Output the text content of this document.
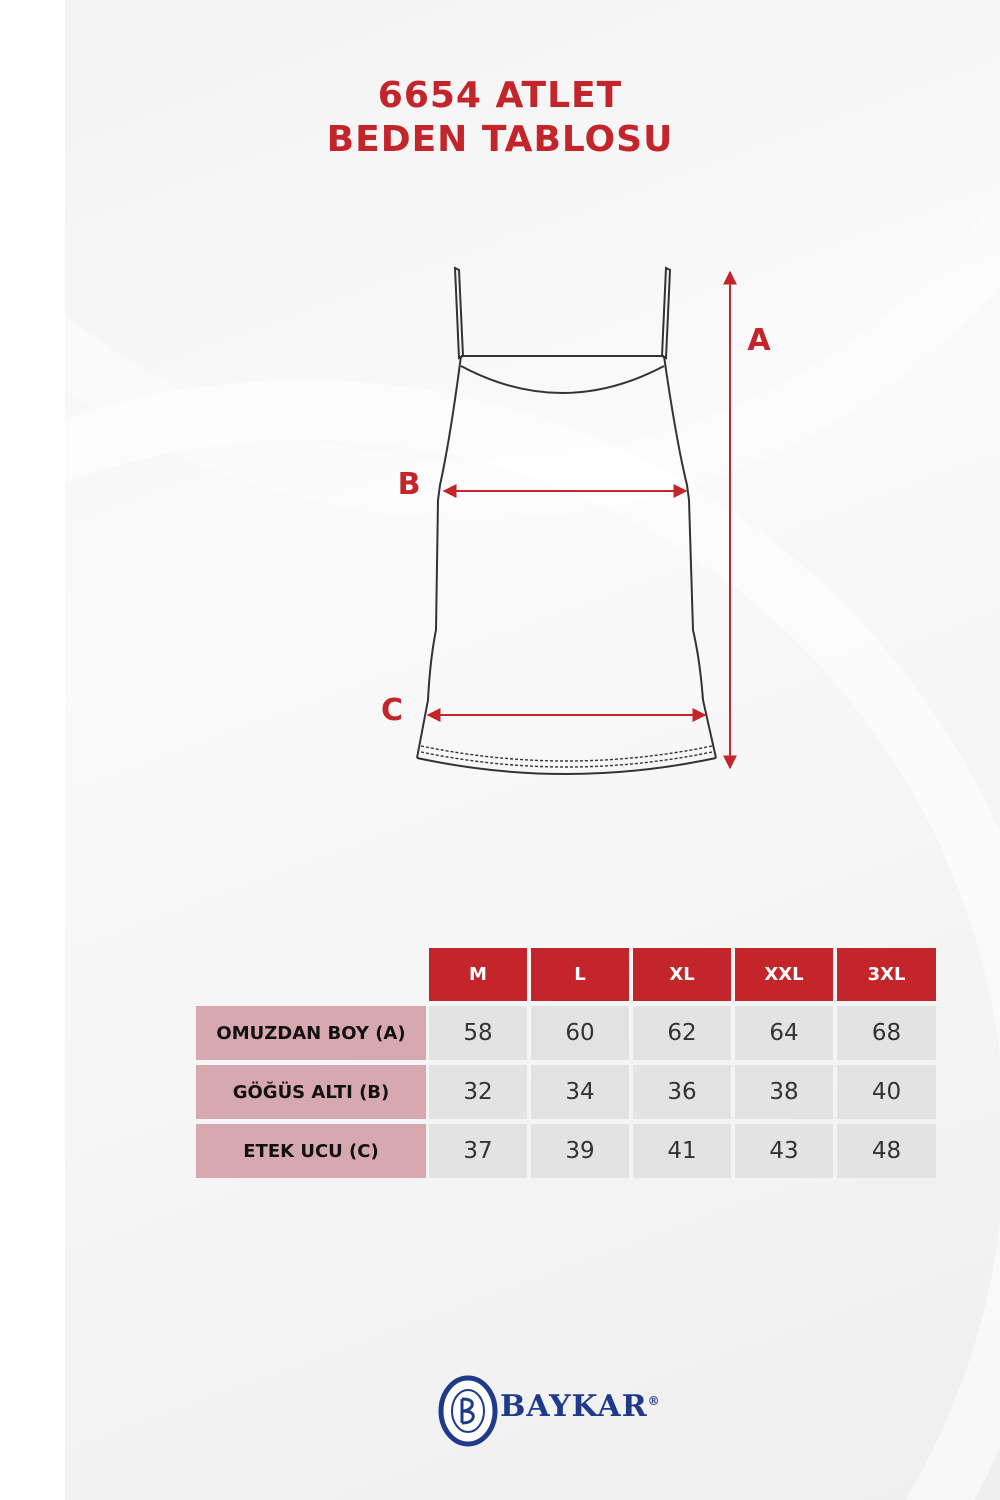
6654 ATLET
BEDEN TABLOSU
A
B
C
M	L	XL	XXL	3XL
OMUZDAN BOY (A)	58	60	62	64	68
GÖĞÜS ALTI (B)	32	34	36	38	40
ETEK UCU (C)	37	39	41	43	48
BAYKAR®
